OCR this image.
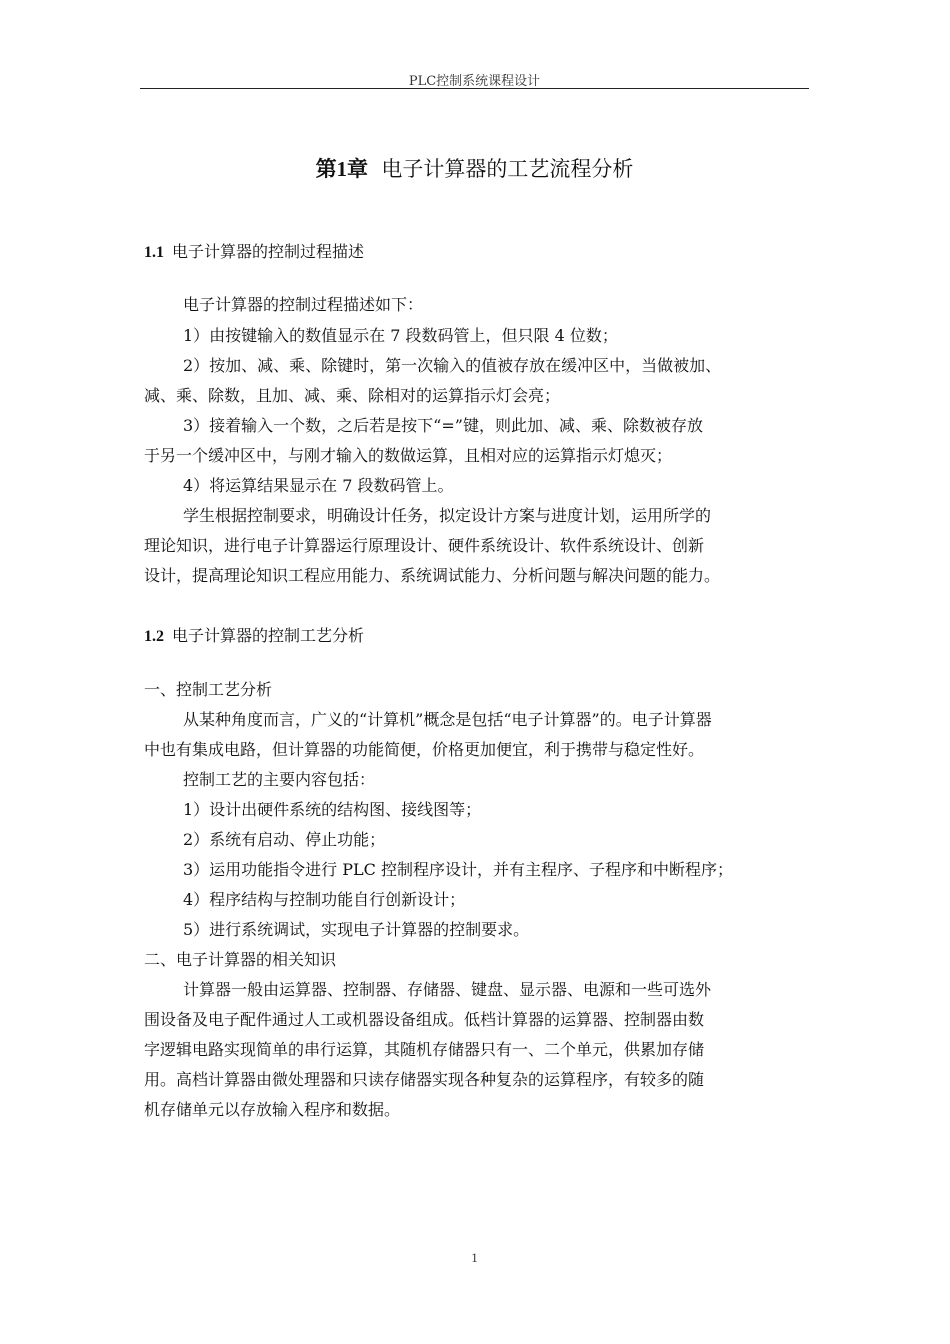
PLC控制系统课程设计
第1章 电子计算器的工艺流程分析
1.1 电子计算器的控制过程描述
电子计算器的控制过程描述如下：
1）由按键输入的数值显示在 7 段数码管上，但只限 4 位数；
2）按加、减、乘、除键时，第一次输入的值被存放在缓冲区中，当做被加、
减、乘、除数，且加、减、乘、除相对的运算指示灯会亮；
3）接着输入一个数，之后若是按下“=”键，则此加、减、乘、除数被存放
于另一个缓冲区中，与刚才输入的数做运算，且相对应的运算指示灯熄灭；
4）将运算结果显示在 7 段数码管上。
学生根据控制要求，明确设计任务，拟定设计方案与进度计划，运用所学的
理论知识，进行电子计算器运行原理设计、硬件系统设计、软件系统设计、创新
设计，提高理论知识工程应用能力、系统调试能力、分析问题与解决问题的能力。
1.2 电子计算器的控制工艺分析
一、控制工艺分析
从某种角度而言，广义的“计算机”概念是包括“电子计算器”的。电子计算器
中也有集成电路，但计算器的功能简便，价格更加便宜，利于携带与稳定性好。
控制工艺的主要内容包括：
1）设计出硬件系统的结构图、接线图等；
2）系统有启动、停止功能；
3）运用功能指令进行 PLC 控制程序设计，并有主程序、子程序和中断程序；
4）程序结构与控制功能自行创新设计；
5）进行系统调试，实现电子计算器的控制要求。
二、电子计算器的相关知识
计算器一般由运算器、控制器、存储器、键盘、显示器、电源和一些可选外
围设备及电子配件通过人工或机器设备组成。低档计算器的运算器、控制器由数
字逻辑电路实现简单的串行运算，其随机存储器只有一、二个单元，供累加存储
用。高档计算器由微处理器和只读存储器实现各种复杂的运算程序，有较多的随
机存储单元以存放输入程序和数据。
1
